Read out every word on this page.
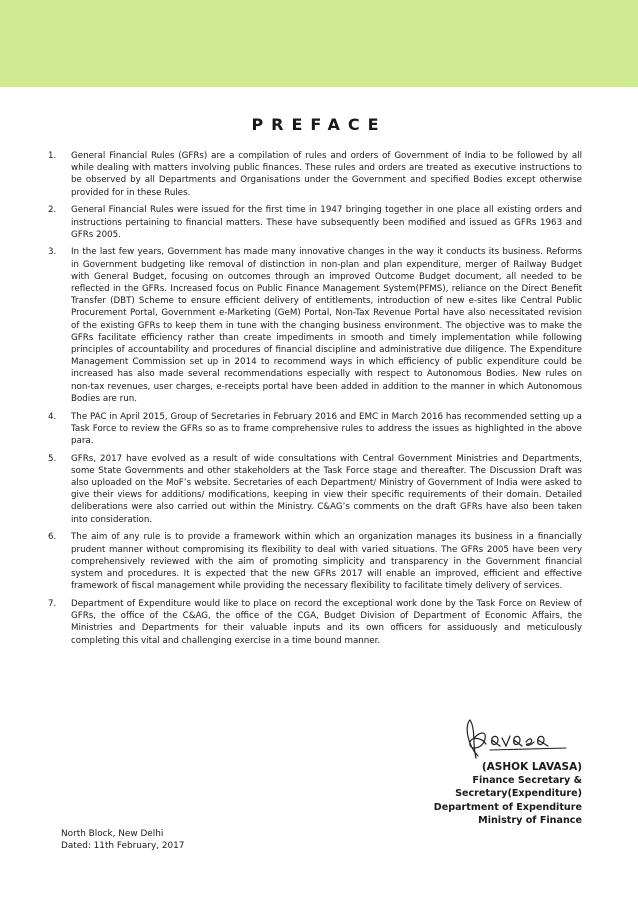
PREFACE
1.	General Financial Rules (GFRs) are a compilation of rules and orders of Government of India to be followed by all while dealing with matters involving public finances. These rules and orders are treated as executive instructions to be observed by all Departments and Organisations under the Government and specified Bodies except otherwise provided for in these Rules.
2.	General Financial Rules were issued for the first time in 1947 bringing together in one place all existing orders and instructions pertaining to financial matters. These have subsequently been modified and issued as GFRs 1963 and GFRs 2005.
3.	In the last few years, Government has made many innovative changes in the way it conducts its business. Reforms in Government budgeting like removal of distinction in non-plan and plan expenditure, merger of Railway Budget with General Budget, focusing on outcomes through an improved Outcome Budget document, all needed to be reflected in the GFRs. Increased focus on Public Finance Management System(PFMS), reliance on the Direct Benefit Transfer (DBT) Scheme to ensure efficient delivery of entitlements, introduction of new e-sites like Central Public Procurement Portal, Government e-Marketing (GeM) Portal, Non-Tax Revenue Portal have also necessitated revision of the existing GFRs to keep them in tune with the changing business environment. The objective was to make the GFRs facilitate efficiency rather than create impediments in smooth and timely implementation while following principles of accountability and procedures of financial discipline and administrative due diligence. The Expenditure Management Commission set up in 2014 to recommend ways in which efficiency of public expenditure could be increased has also made several recommendations especially with respect to Autonomous Bodies. New rules on non-tax revenues, user charges, e-receipts portal have been added in addition to the manner in which Autonomous Bodies are run.
4.	The PAC in April 2015, Group of Secretaries in February 2016 and EMC in March 2016 has recommended setting up a Task Force to review the GFRs so as to frame comprehensive rules to address the issues as highlighted in the above para.
5.	GFRs, 2017 have evolved as a result of wide consultations with Central Government Ministries and Departments, some State Governments and other stakeholders at the Task Force stage and thereafter. The Discussion Draft was also uploaded on the MoF’s website. Secretaries of each Department/ Ministry of Government of India were asked to give their views for additions/ modifications, keeping in view their specific requirements of their domain. Detailed deliberations were also carried out within the Ministry. C&AG’s comments on the draft GFRs have also been taken into consideration.
6.	The aim of any rule is to provide a framework within which an organization manages its business in a financially prudent manner without compromising its flexibility to deal with varied situations. The GFRs 2005 have been very comprehensively reviewed with the aim of promoting simplicity and transparency in the Government financial system and procedures. It is expected that the new GFRs 2017 will enable an improved, efficient and effective framework of fiscal management while providing the necessary flexibility to facilitate timely delivery of services.
7.	Department of Expenditure would like to place on record the exceptional work done by the Task Force on Review of GFRs, the office of the C&AG, the office of the CGA, Budget Division of Department of Economic Affairs, the Ministries and Departments for their valuable inputs and its own officers for assiduously and meticulously completing this vital and challenging exercise in a time bound manner.
(ASHOK LAVASA)
Finance Secretary &
Secretary(Expenditure)
Department of Expenditure
Ministry of Finance
North Block, New Delhi
Dated: 11th February, 2017
